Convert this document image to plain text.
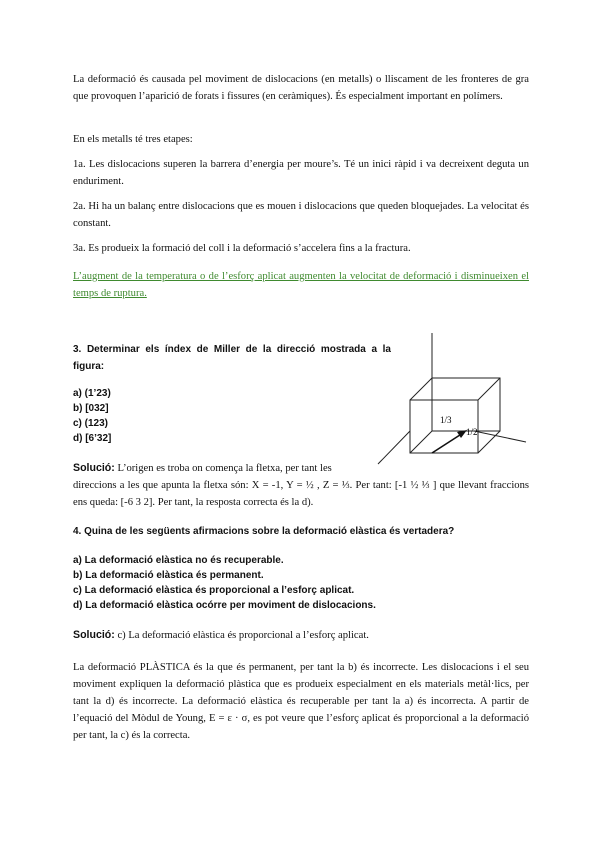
La deformació és causada pel moviment de dislocacions (en metalls) o lliscament de les fronteres de gra que provoquen l’aparició de forats i fissures (en ceràmiques). És especialment important en polímers.

En els metalls té tres etapes:

1a. Les dislocacions superen la barrera d’energia per moure’s. Té un inici ràpid i va decreixent deguta un enduriment.

2a. Hi ha un balanç entre dislocacions que es mouen i dislocacions que queden bloquejades. La velocitat és constant.

3a. Es produeix la formació del coll i la deformació s’accelera fins a la fractura.

L’augment de la temperatura o de l’esforç aplicat augmenten la velocitat de deformació i disminueixen el temps de ruptura.

3. Determinar els índex de Miller de la direcció mostrada a la figura:

a) (1’23)
b) [032]
c) (123)
d) [6’32]

Solució: L’origen es troba on comença la fletxa, per tant les

direccions a les que apunta la fletxa són: X = -1, Y = ½ , Z = ⅓. Per tant: [-1 ½ ⅓ ] que llevant fraccions ens queda: [-6 3 2]. Per tant, la resposta correcta és la d).

1/3
1/2

4. Quina de les següents afirmacions sobre la deformació elàstica és vertadera?

a) La deformació elàstica no és recuperable.
b) La deformació elàstica és permanent.
c) La deformació elàstica és proporcional a l’esforç aplicat.
d) La deformació elàstica ocórre per moviment de dislocacions.

Solució: c) La deformació elàstica és proporcional a l’esforç aplicat.

La deformació PLÀSTICA és la que és permanent, per tant la b) és incorrecte. Les dislocacions i el seu moviment expliquen la deformació plàstica que es produeix especialment en els materials metàl·lics, per tant la d) és incorrecte. La deformació elàstica és recuperable per tant la a) és incorrecta. A partir de l’equació del Mòdul de Young, E = ε · σ, es pot veure que l’esforç aplicat és proporcional a la deformació per tant, la c) és la correcta.
